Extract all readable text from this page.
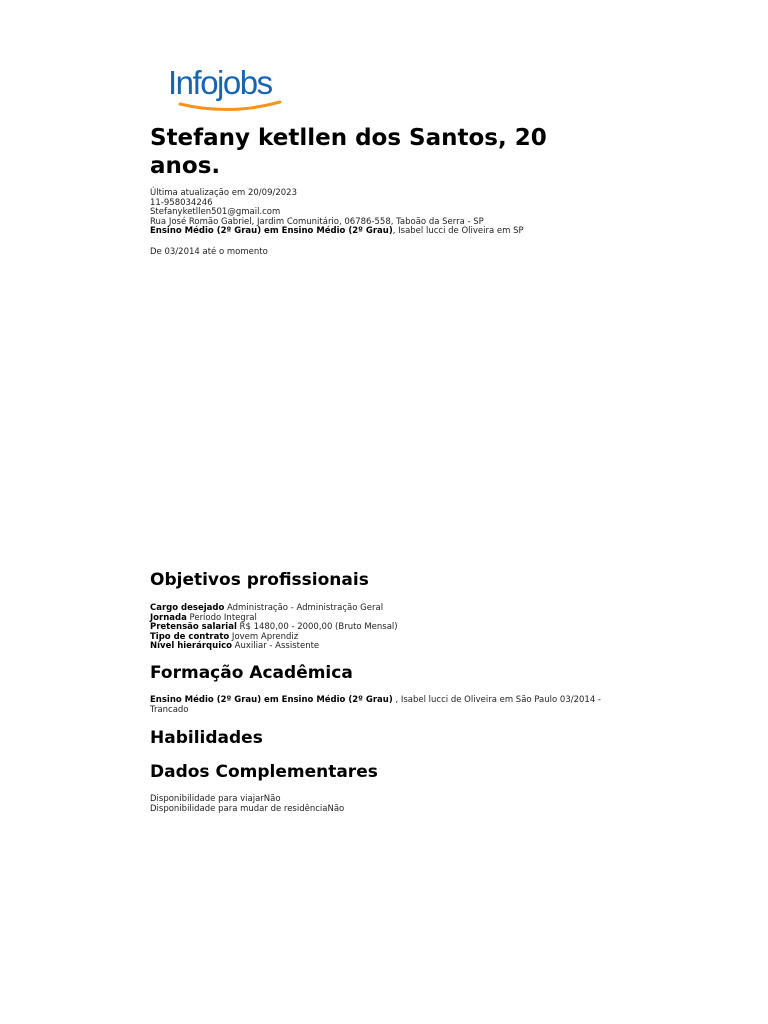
Infojobs
Stefany ketllen dos Santos, 20 anos.
Última atualização em 20/09/2023
11-958034246
Stefanyketllen501@gmail.com
Rua José Romão Gabriel, Jardim Comunitário, 06786-558, Taboão da Serra - SP
Ensino Médio (2º Grau) em Ensino Médio (2º Grau), Isabel lucci de Oliveira em SP
De 03/2014 até o momento
Objetivos profissionais
Cargo desejado Administração - Administração Geral
Jornada Período Integral
Pretensão salarial R$ 1480,00 - 2000,00 (Bruto Mensal)
Tipo de contrato Jovem Aprendiz
Nível hierárquico Auxiliar - Assistente
Formação Acadêmica
Ensino Médio (2º Grau) em Ensino Médio (2º Grau) , Isabel lucci de Oliveira em São Paulo 03/2014 - Trancado
Habilidades
Dados Complementares
Disponibilidade para viajarNão
Disponibilidade para mudar de residênciaNão
